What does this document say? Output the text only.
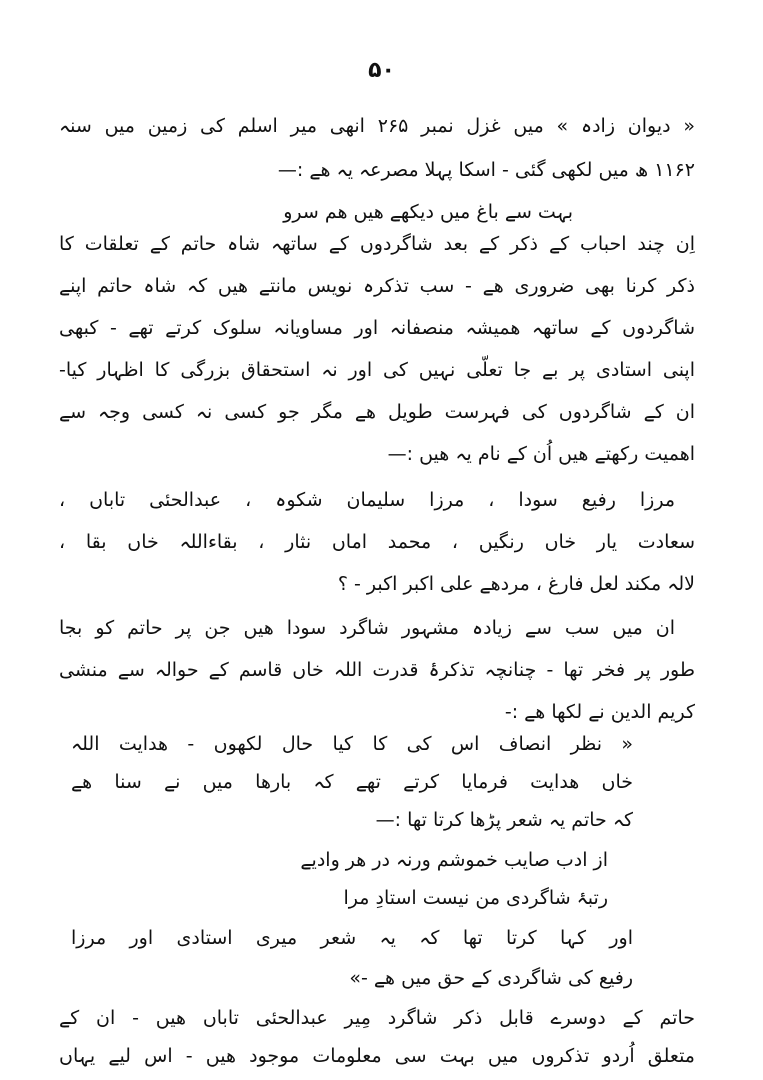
۵۰
« دیوان زادہ » میں غزل نمبر ۲۶۵ انھی میر اسلم کی زمین میں سنہ
۱۱۶۲ ھ میں لکھی گئی - اسکا پہلا مصرعہ یہ ھے :—
بہت سے باغ میں دیکھے ھیں ھم سرو
اِن چند احباب کے ذکر کے بعد شاگردوں کے ساتھہ شاہ حاتم کے تعلقات کا
ذکر کرنا بھی ضروری ھے - سب تذکرہ نویس مانتے ھیں کہ شاہ حاتم اپنے
شاگردوں کے ساتھہ ھمیشہ منصفانہ اور مساویانہ سلوک کرتے تھے - کبھی
اپنی استادی پر بے جا تعلّی نہیں کی اور نہ استحقاق بزرگی کا اظہار کیا-
ان کے شاگردوں کی فہرست طویل ھے مگر جو کسی نہ کسی وجہ سے
اھمیت رکھتے ھیں اُن کے نام یہ ھیں :—
مرزا رفیع سودا ، مرزا سلیمان شکوہ ، عبدالحئی تاباں ،
سعادت یار خاں رنگیں ، محمد اماں نثار ، بقاءاللہ خاں بقا ،
لالہ مکند لعل فارغ ، مردھے علی اکبر اکبر - ؟
ان میں سب سے زیادہ مشہور شاگرد سودا ھیں جن پر حاتم کو بجا
طور پر فخر تھا - چنانچہ تذکرۂ قدرت اللہ خاں قاسم کے حوالہ سے منشی
کریم الدین نے لکھا ھے :-
« نظر انصاف اس کی کا کیا حال لکھوں - ھدایت اللہ
خاں ھدایت فرمایا کرتے تھے کہ بارھا میں نے سنا ھے
کہ حاتم یہ شعر پڑھا کرتا تھا :—
از ادب صایب خموشم ورنہ در ھر وادیے
رتبۂ شاگردی من نیست استادِ مرا
اور کہا کرتا تھا کہ یہ شعر میری استادی اور مرزا
رفیع کی شاگردی کے حق میں ھے -»
حاتم کے دوسرے قابل ذکر شاگرد مِیر عبدالحئی تاباں ھیں - ان کے
متعلق اُردو تذکروں میں بہت سی معلومات موجود ھیں - اس لیے یہاں
